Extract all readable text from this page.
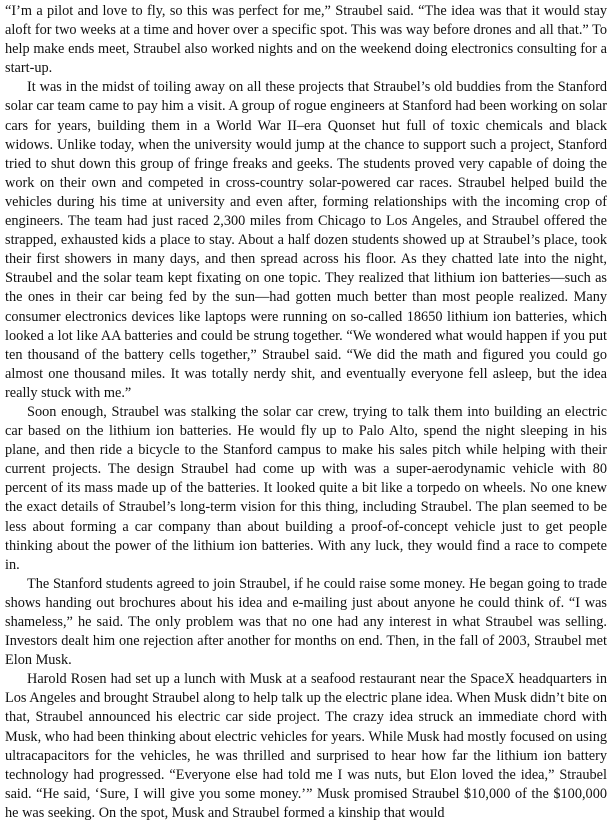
“I’m a pilot and love to fly, so this was perfect for me,” Straubel said. “The idea was that it would stay aloft for two weeks at a time and hover over a specific spot. This was way before drones and all that.” To help make ends meet, Straubel also worked nights and on the weekend doing electronics consulting for a start-up.

It was in the midst of toiling away on all these projects that Straubel’s old buddies from the Stanford solar car team came to pay him a visit. A group of rogue engineers at Stanford had been working on solar cars for years, building them in a World War II–era Quonset hut full of toxic chemicals and black widows. Unlike today, when the university would jump at the chance to support such a project, Stanford tried to shut down this group of fringe freaks and geeks. The students proved very capable of doing the work on their own and competed in cross-country solar-powered car races. Straubel helped build the vehicles during his time at university and even after, forming relationships with the incoming crop of engineers. The team had just raced 2,300 miles from Chicago to Los Angeles, and Straubel offered the strapped, exhausted kids a place to stay. About a half dozen students showed up at Straubel’s place, took their first showers in many days, and then spread across his floor. As they chatted late into the night, Straubel and the solar team kept fixating on one topic. They realized that lithium ion batteries—such as the ones in their car being fed by the sun—had gotten much better than most people realized. Many consumer electronics devices like laptops were running on so-called 18650 lithium ion batteries, which looked a lot like AA batteries and could be strung together. “We wondered what would happen if you put ten thousand of the battery cells together,” Straubel said. “We did the math and figured you could go almost one thousand miles. It was totally nerdy shit, and eventually everyone fell asleep, but the idea really stuck with me.”

Soon enough, Straubel was stalking the solar car crew, trying to talk them into building an electric car based on the lithium ion batteries. He would fly up to Palo Alto, spend the night sleeping in his plane, and then ride a bicycle to the Stanford campus to make his sales pitch while helping with their current projects. The design Straubel had come up with was a super-aerodynamic vehicle with 80 percent of its mass made up of the batteries. It looked quite a bit like a torpedo on wheels. No one knew the exact details of Straubel’s long-term vision for this thing, including Straubel. The plan seemed to be less about forming a car company than about building a proof-of-concept vehicle just to get people thinking about the power of the lithium ion batteries. With any luck, they would find a race to compete in.

The Stanford students agreed to join Straubel, if he could raise some money. He began going to trade shows handing out brochures about his idea and e-mailing just about anyone he could think of. “I was shameless,” he said. The only problem was that no one had any interest in what Straubel was selling. Investors dealt him one rejection after another for months on end. Then, in the fall of 2003, Straubel met Elon Musk.

Harold Rosen had set up a lunch with Musk at a seafood restaurant near the SpaceX headquarters in Los Angeles and brought Straubel along to help talk up the electric plane idea. When Musk didn’t bite on that, Straubel announced his electric car side project. The crazy idea struck an immediate chord with Musk, who had been thinking about electric vehicles for years. While Musk had mostly focused on using ultracapacitors for the vehicles, he was thrilled and surprised to hear how far the lithium ion battery technology had progressed. “Everyone else had told me I was nuts, but Elon loved the idea,” Straubel said. “He said, ‘Sure, I will give you some money.’” Musk promised Straubel $10,000 of the $100,000 he was seeking. On the spot, Musk and Straubel formed a kinship that would
